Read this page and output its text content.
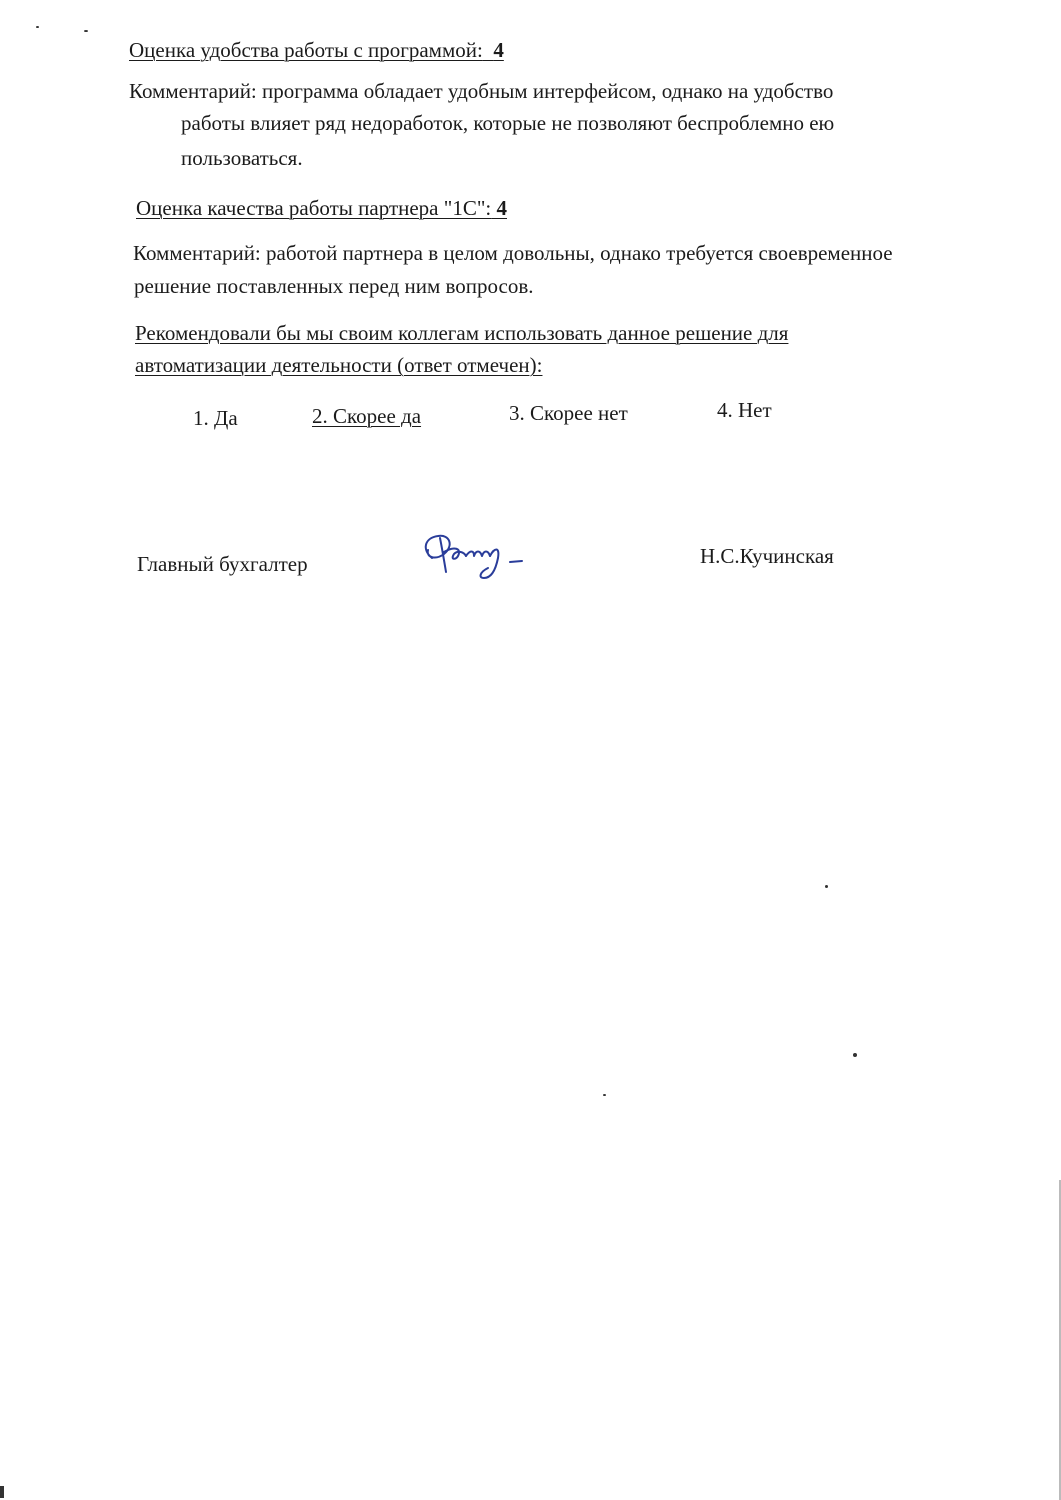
Оценка удобства работы с программой: 4
Комментарий: программа обладает удобным интерфейсом, однако на удобство
работы влияет ряд недоработок, которые не позволяют беспроблемно ею
пользоваться.
Оценка качества работы партнера "1С": 4
Комментарий: работой партнера в целом довольны, однако требуется своевременное
решение поставленных перед ним вопросов.
Рекомендовали бы мы своим коллегам использовать данное решение для
автоматизации деятельности (ответ отмечен):
1. Да	2. Скорее да	3. Скорее нет	4. Нет
Главный бухгалтер	Н.С.Кучинская
